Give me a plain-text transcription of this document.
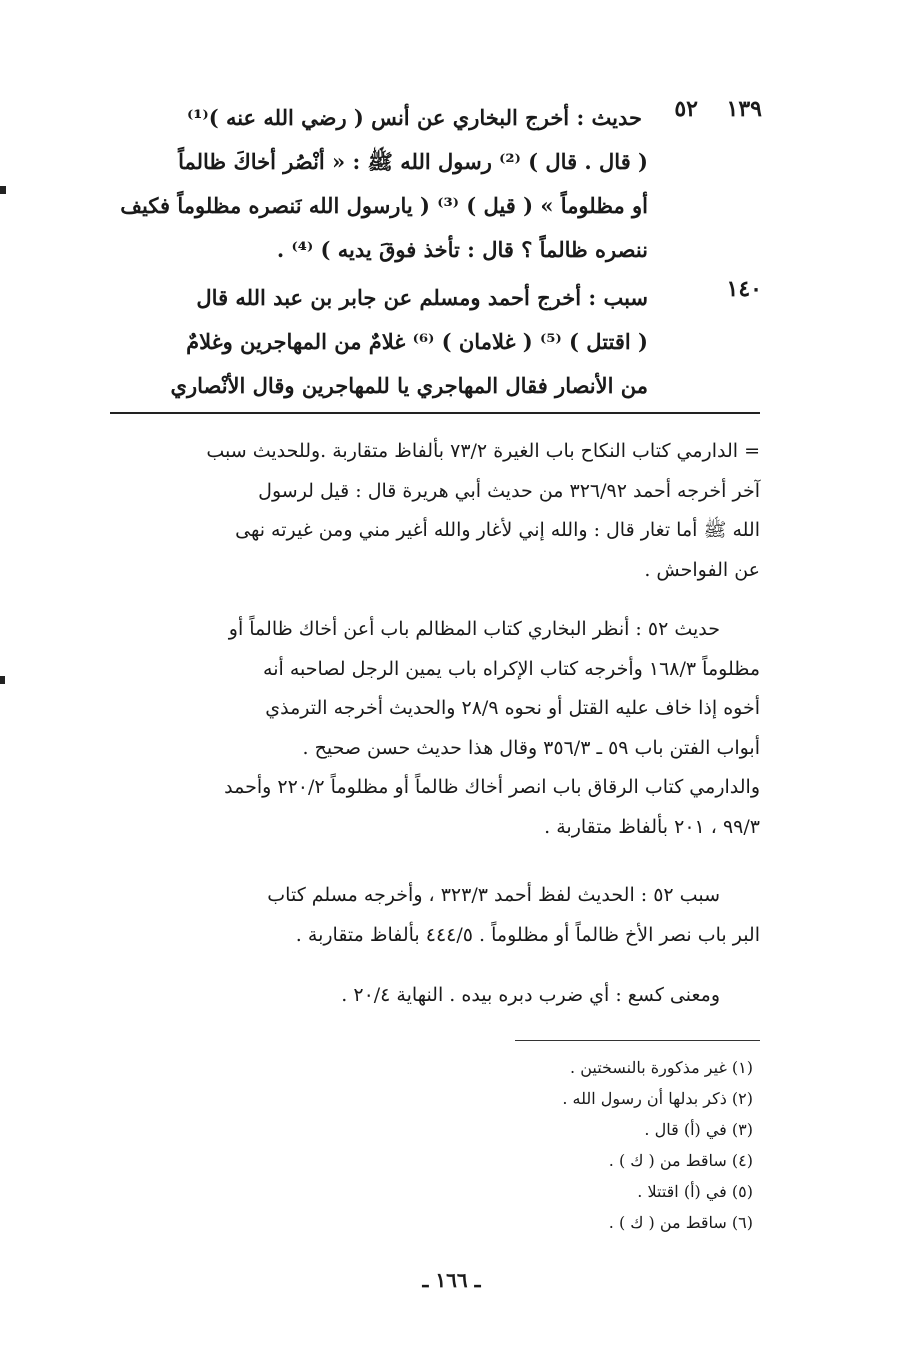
١٣٩
٥٢
حديث : أخرج البخاري عن أنس ( رضي الله عنه )⁽¹⁾
( قال . قال ) ⁽²⁾ رسول الله ﷺ : « أنْصُر أخاكَ ظالماً
أو مظلوماً » ( قيل ) ⁽³⁾ ( يارسول الله نَنصره مظلوماً فكيف
ننصره ظالماً ؟ قال : تأخذ فوقَ يديه ) ⁽⁴⁾ .
١٤٠
سبب : أخرج أحمد ومسلم عن جابر بن عبد الله قال
( اقتتل ) ⁽⁵⁾ ( غلامان ) ⁽⁶⁾ غلامٌ من المهاجرين وغلامٌ
من الأنصار فقال المهاجري يا للمهاجرين وقال الأنْصاري

= الدارمي كتاب النكاح باب الغيرة ٧٣/٢ بألفاظ متقاربة .وللحديث سبب

آخر أخرجه أحمد ٣٢٦/٩٢ من حديث أبي هريرة قال : قيل لرسول

الله ﷺ أما تغار قال : والله إني لأغار والله أغير مني ومن غيرته نهى

عن الفواحش .

حديث ٥٢ : أنظر البخاري كتاب المظالم باب أعن أخاك ظالماً أو

مظلوماً ١٦٨/٣ وأخرجه كتاب الإكراه باب يمين الرجل لصاحبه أنه

أخوه إذا خاف عليه القتل أو نحوه ٢٨/٩ والحديث أخرجه الترمذي

أبواب الفتن باب ٥٩ ـ ٣٥٦/٣ وقال هذا حديث حسن صحيح .

والدارمي كتاب الرقاق باب انصر أخاك ظالماً أو مظلوماً ٢٢٠/٢ وأحمد

٩٩/٣ ، ٢٠١ بألفاظ متقاربة .

سبب ٥٢ : الحديث لفظ أحمد ٣٢٣/٣ ، وأخرجه مسلم كتاب

البر باب نصر الأخ ظالماً أو مظلوماً . ٤٤٤/٥ بألفاظ متقاربة .

ومعنى كسع : أي ضرب دبره بيده . النهاية ٢٠/٤ .

(١) غير مذكورة بالنسختين .
(٢) ذكر بدلها أن رسول الله .
(٣) في (أ) قال .
(٤) ساقط من ( ك ) .
(٥) في (أ) اقتتلا .
(٦) ساقط من ( ك ) .
ـ ١٦٦ ـ
